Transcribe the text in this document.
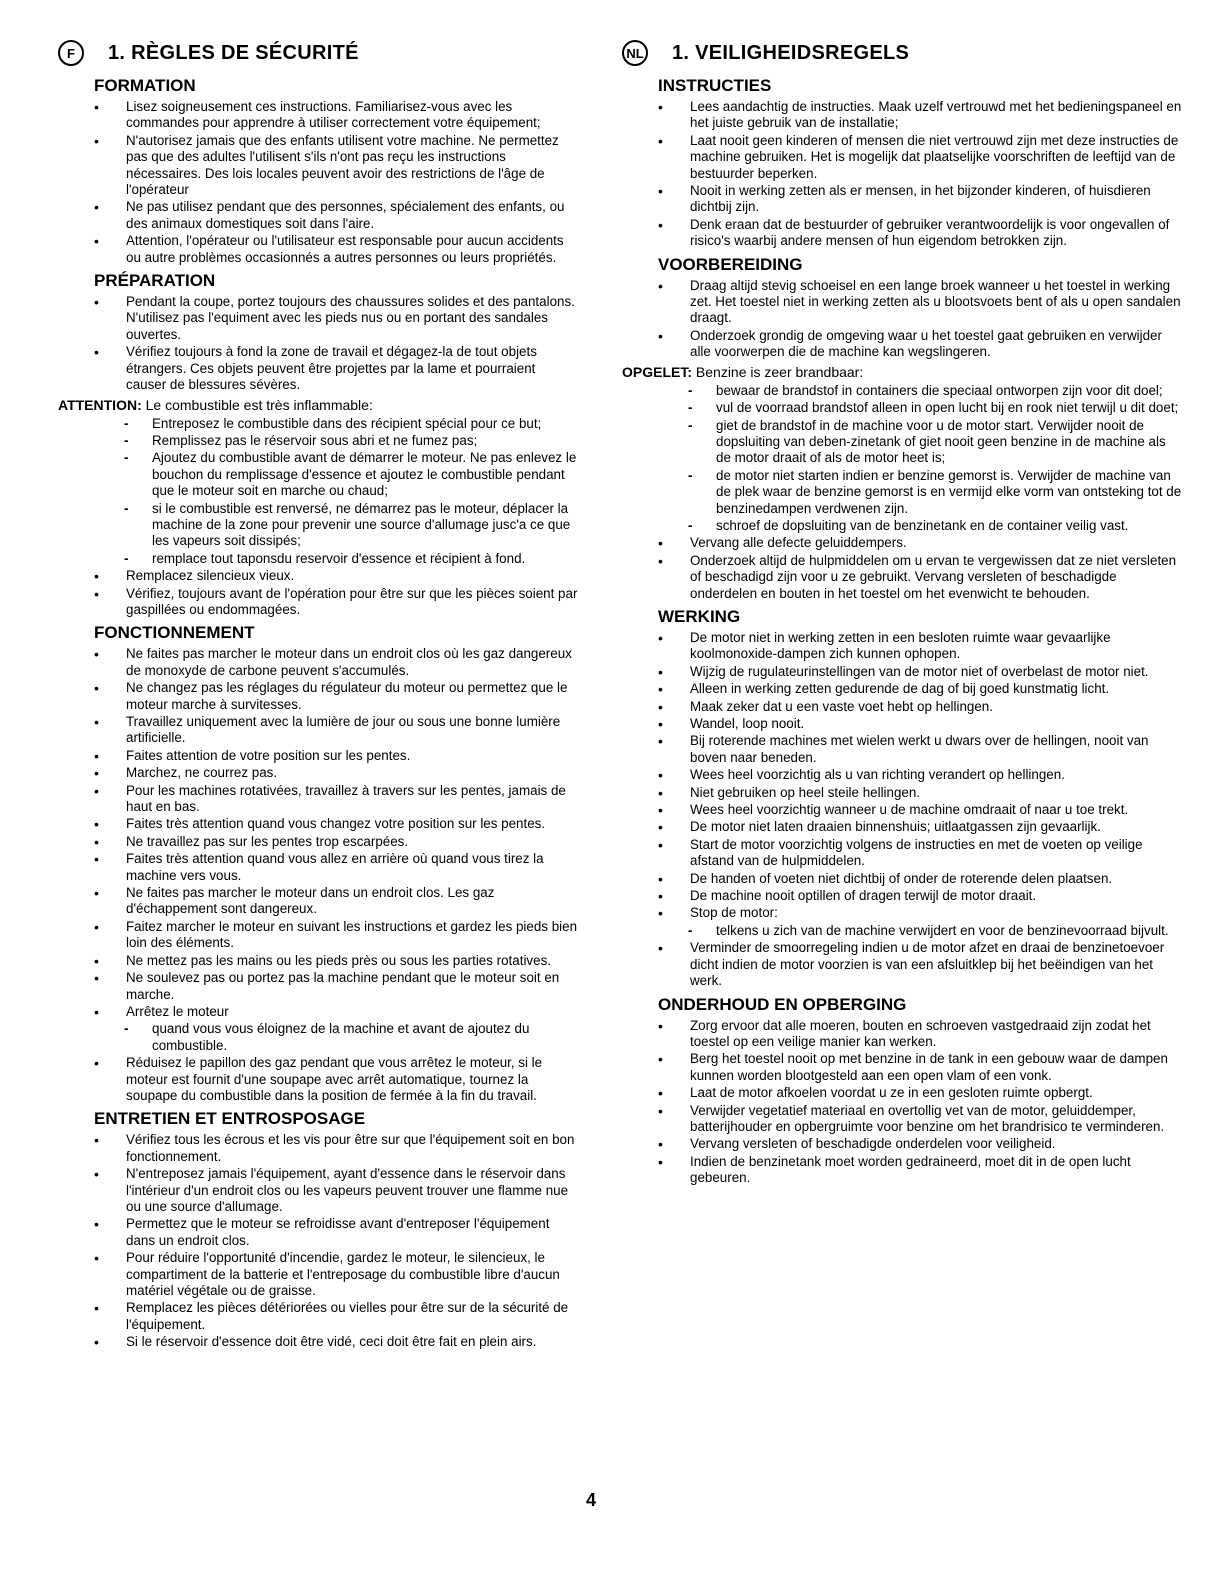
F	1. RÈGLES DE SÉCURITÉ
FORMATION
• Lisez soigneusement ces instructions. Familiarisez-vous avec les commandes pour apprendre à utiliser correctement votre équipement;
• N'autorisez jamais que des enfants utilisent votre machine. Ne permettez pas que des adultes l'utilisent s'ils n'ont pas reçu les instructions nécessaires. Des lois locales peuvent avoir des restrictions de l'âge de l'opérateur
• Ne pas utilisez pendant que des personnes, spécialement des enfants, ou des animaux domestiques soit dans l'aire.
• Attention, l'opérateur ou l'utilisateur est responsable pour aucun accidents ou autre problèmes occasionnés a autres personnes ou leurs propriétés.
PRÉPARATION
• Pendant la coupe, portez toujours des chaussures solides et des pantalons. N'utilisez pas l'equiment avec les pieds nus ou en portant des sandales ouvertes.
• Vérifiez toujours à fond la zone de travail et dégagez-la de tout objets étrangers. Ces objets peuvent être projettes par la lame et pourraient causer de blessures sévères.
ATTENTION: Le combustible est très inflammable:
- Entreposez le combustible dans des récipient spécial pour ce but;
- Remplissez pas le réservoir sous abri et ne fumez pas;
- Ajoutez du combustible avant de démarrer le moteur. Ne pas enlevez le bouchon du remplissage d'essence et ajoutez le combustible pendant que le moteur soit en marche ou chaud;
- si le combustible est renversé, ne démarrez pas le moteur, déplacer la machine de la zone pour prevenir une source d'allumage jusc'a ce que les vapeurs soit dissipés;
- remplace tout taponsdu reservoir d'essence et récipient à fond.
• Remplacez silencieux vieux.
• Vérifiez, toujours avant de l'opération pour être sur que les pièces soient par gaspillées ou endommagées.
FONCTIONNEMENT
• Ne faites pas marcher le moteur dans un endroit clos où les gaz dangereux de monoxyde de carbone peuvent s'accumulés.
• Ne changez pas les réglages du régulateur du moteur ou permettez que le moteur marche à survitesses.
• Travaillez uniquement avec la lumière de jour ou sous une bonne lumière artificielle.
• Faites attention de votre position sur les pentes.
• Marchez, ne courrez pas.
• Pour les machines rotativées, travaillez à travers sur les pentes, jamais de haut en bas.
• Faites très attention quand vous changez votre position sur les pentes.
• Ne travaillez pas sur les pentes trop escarpées.
• Faites très attention quand vous allez en arrière où quand vous tirez la machine vers vous.
• Ne faites pas marcher le moteur dans un endroit clos. Les gaz d'échappement sont dangereux.
• Faitez marcher le moteur en suivant les instructions et gardez les pieds bien loin des éléments.
• Ne mettez pas les mains ou les pieds près ou sous les parties rotatives.
• Ne soulevez pas ou portez pas la machine pendant que le moteur soit en marche.
• Arrêtez le moteur
- quand vous vous éloignez de la machine et avant de ajoutez du combustible.
• Réduisez le papillon des gaz pendant que vous arrêtez le moteur, si le moteur est fournit d'une soupape avec arrêt automatique, tournez la soupape du combustible dans la position de fermée à la fin du travail.
ENTRETIEN ET ENTROSPOSAGE
• Vérifiez tous les écrous et les vis pour être sur que l'équipement soit en bon fonctionnement.
• N'entreposez jamais l'équipement, ayant d'essence dans le réservoir dans l'intérieur d'un endroit clos ou les vapeurs peuvent trouver une flamme nue ou une source d'allumage.
• Permettez que le moteur se refroidisse avant d'entreposer l'équipement dans un endroit clos.
• Pour réduire l'opportunité d'incendie, gardez le moteur, le silencieux, le compartiment de la batterie et l'entreposage du combustible libre d'aucun matériel végétale ou de graisse.
• Remplacez les pièces détériorées ou vielles pour être sur de la sécurité de l'équipement.
• Si le réservoir d'essence doit être vidé, ceci doit être fait en plein airs.
NL 1. VEILIGHEIDSREGELS
INSTRUCTIES
• Lees aandachtig de instructies. Maak uzelf vertrouwd met het bedieningspaneel en het juiste gebruik van de installatie;
• Laat nooit geen kinderen of mensen die niet vertrouwd zijn met deze instructies de machine gebruiken. Het is mogelijk dat plaatselijke voorschriften de leeftijd van de bestuurder beperken.
• Nooit in werking zetten als er mensen, in het bijzonder kinderen, of huisdieren dichtbij zijn.
• Denk eraan dat de bestuurder of gebruiker verantwoordelijk is voor ongevallen of risico's waarbij andere mensen of hun eigendom betrokken zijn.
VOORBEREIDING
• Draag altijd stevig schoeisel en een lange broek wanneer u het toestel in werking zet. Het toestel niet in werking zetten als u blootsvoets bent of als u open sandalen draagt.
• Onderzoek grondig de omgeving waar u het toestel gaat gebruiken en verwijder alle voorwerpen die de machine kan wegslingeren.
OPGELET: Benzine is zeer brandbaar:
- bewaar de brandstof in containers die speciaal ontworpen zijn voor dit doel;
- vul de voorraad brandstof alleen in open lucht bij en rook niet terwijl u dit doet;
- giet de brandstof in de machine voor u de motor start. Verwijder nooit de dopsluiting van deben-zinetank of giet nooit geen benzine in de machine als de motor draait of als de motor heet is;
- de motor niet starten indien er benzine gemorst is. Verwijder de machine van de plek waar de benzine gemorst is en vermijd elke vorm van ontsteking tot de benzinedampen verdwenen zijn.
- schroef de dopsluiting van de benzinetank en de container veilig vast.
• Vervang alle defecte geluiddempers.
• Onderzoek altijd de hulpmiddelen om u ervan te vergewissen dat ze niet versleten of beschadigd zijn voor u ze gebruikt. Vervang versleten of beschadigde onderdelen en bouten in het toestel om het evenwicht te behouden.
WERKING
• De motor niet in werking zetten in een besloten ruimte waar gevaarlijke koolmonoxide-dampen zich kunnen ophopen.
• Wijzig de rugulateurinstellingen van de motor niet of overbelast de motor niet.
• Alleen in werking zetten gedurende de dag of bij goed kunstmatig licht.
• Maak zeker dat u een vaste voet hebt op hellingen.
• Wandel, loop nooit.
• Bij roterende machines met wielen werkt u dwars over de hellingen, nooit van boven naar beneden.
• Wees heel voorzichtig als u van richting verandert op hellingen.
• Niet gebruiken op heel steile hellingen.
• Wees heel voorzichtig wanneer u de machine omdraait of naar u toe trekt.
• De motor niet laten draaien binnenshuis; uitlaatgassen zijn gevaarlijk.
• Start de motor voorzichtig volgens de instructies en met de voeten op veilige afstand van de hulpmiddelen.
• De handen of voeten niet dichtbij of onder de roterende delen plaatsen.
• De machine nooit optillen of dragen terwijl de motor draait.
• Stop de motor:
- telkens u zich van de machine verwijdert en voor de benzinevoorraad bijvult.
• Verminder de smoorregeling indien u de motor afzet en draai de benzinetoevoer dicht indien de motor voorzien is van een afsluitklep bij het beëindigen van het werk.
ONDERHOUD EN OPBERGING
• Zorg ervoor dat alle moeren, bouten en schroeven vastgedraaid zijn zodat het toestel op een veilige manier kan werken.
• Berg het toestel nooit op met benzine in de tank in een gebouw waar de dampen kunnen worden blootgesteld aan een open vlam of een vonk.
• Laat de motor afkoelen voordat u ze in een gesloten ruimte opbergt.
• Verwijder vegetatief materiaal en overtollig vet van de motor, geluiddemper, batterijhouder en opbergruimte voor benzine om het brandrisico te verminderen.
• Vervang versleten of beschadigde onderdelen voor veiligheid.
• Indien de benzinetank moet worden gedraineerd, moet dit in de open lucht gebeuren.
4
